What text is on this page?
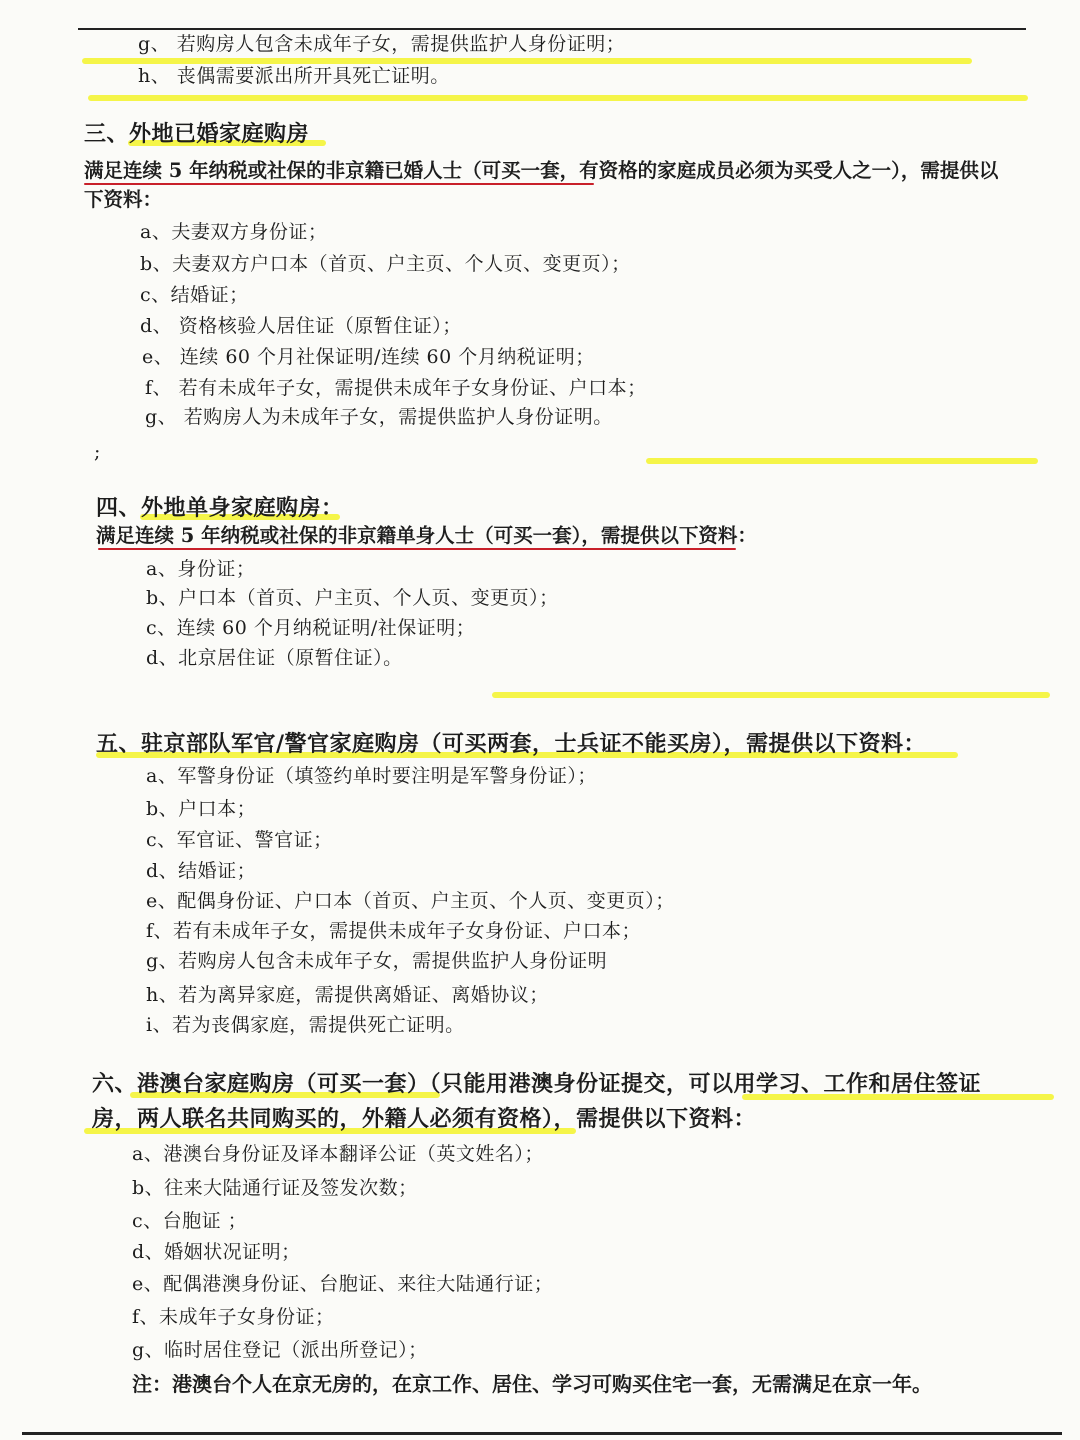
g、 若购房人包含未成年子女，需提供监护人身份证明；
h、 丧偶需要派出所开具死亡证明。
三、外地已婚家庭购房
满足连续 5 年纳税或社保的非京籍已婚人士（可买一套，有资格的家庭成员必须为买受人之一），需提供以
下资料：
a、夫妻双方身份证；
b、夫妻双方户口本（首页、户主页、个人页、变更页）；
c、结婚证；
d、 资格核验人居住证（原暂住证）；
e、 连续 60 个月社保证明/连续 60 个月纳税证明；
f、 若有未成年子女，需提供未成年子女身份证、户口本；
g、 若购房人为未成年子女，需提供监护人身份证明。
;
四、外地单身家庭购房：
满足连续 5 年纳税或社保的非京籍单身人士（可买一套），需提供以下资料：
a、身份证；
b、户口本（首页、户主页、个人页、变更页）；
c、连续 60 个月纳税证明/社保证明；
d、北京居住证（原暂住证）。
五、驻京部队军官/警官家庭购房（可买两套，士兵证不能买房），需提供以下资料：
a、军警身份证（填签约单时要注明是军警身份证）；
b、户口本；
c、军官证、警官证；
d、结婚证；
e、配偶身份证、户口本（首页、户主页、个人页、变更页）；
f、若有未成年子女，需提供未成年子女身份证、户口本；
g、若购房人包含未成年子女，需提供监护人身份证明
h、若为离异家庭，需提供离婚证、离婚协议；
i、若为丧偶家庭，需提供死亡证明。
六、港澳台家庭购房（可买一套）（只能用港澳身份证提交，可以用学习、工作和居住签证
房，两人联名共同购买的，外籍人必须有资格），需提供以下资料：
a、港澳台身份证及译本翻译公证（英文姓名）；
b、往来大陆通行证及签发次数；
c、台胞证 ；
d、婚姻状况证明；
e、配偶港澳身份证、台胞证、来往大陆通行证；
f、未成年子女身份证；
g、临时居住登记（派出所登记）；
注：港澳台个人在京无房的，在京工作、居住、学习可购买住宅一套，无需满足在京一年。
